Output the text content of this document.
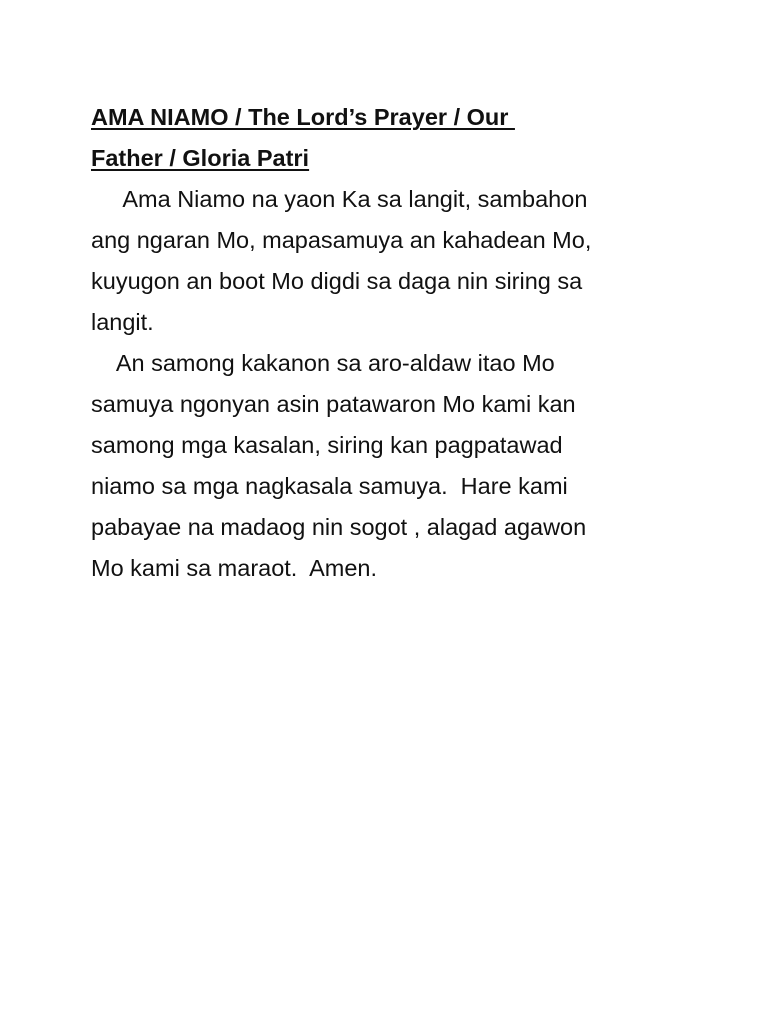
AMA NIAMO / The Lord’s Prayer / Our
Father / Gloria Patri

Ama Niamo na yaon Ka sa langit, sambahon
ang ngaran Mo, mapasamuya an kahadean Mo,
kuyugon an boot Mo digdi sa daga nin siring sa
langit.

An samong kakanon sa aro-aldaw itao Mo
samuya ngonyan asin patawaron Mo kami kan
samong mga kasalan, siring kan pagpatawad
niamo sa mga nagkasala samuya.  Hare kami
pabayae na madaog nin sogot , alagad agawon
Mo kami sa maraot.  Amen.
